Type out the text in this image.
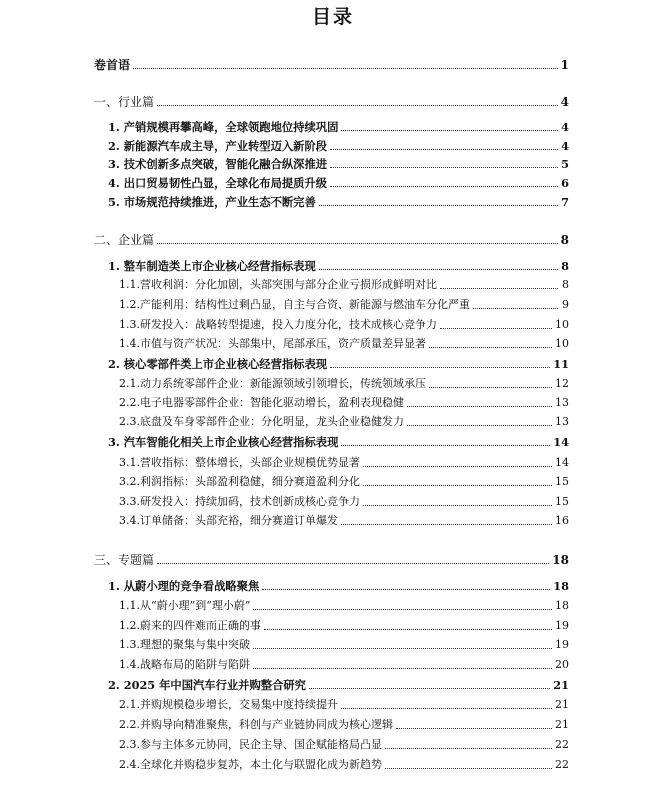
目录
卷首语	1
一、行业篇	4
1. 产销规模再攀高峰，全球领跑地位持续巩固	4
2. 新能源汽车成主导，产业转型迈入新阶段	4
3. 技术创新多点突破，智能化融合纵深推进	5
4. 出口贸易韧性凸显，全球化布局提质升级	6
5. 市场规范持续推进，产业生态不断完善	7
二、企业篇	8
1. 整车制造类上市企业核心经营指标表现	8
1.1.营收利润：分化加剧，头部突围与部分企业亏损形成鲜明对比	8
1.2.产能利用：结构性过剩凸显，自主与合资、新能源与燃油车分化严重	9
1.3.研发投入：战略转型提速，投入力度分化，技术成核心竞争力	10
1.4.市值与资产状况：头部集中，尾部承压，资产质量差异显著	10
2. 核心零部件类上市企业核心经营指标表现	11
2.1.动力系统零部件企业：新能源领域引领增长，传统领域承压	12
2.2.电子电器零部件企业：智能化驱动增长，盈利表现稳健	13
2.3.底盘及车身零部件企业：分化明显，龙头企业稳健发力	13
3. 汽车智能化相关上市企业核心经营指标表现	14
3.1.营收指标：整体增长，头部企业规模优势显著	14
3.2.利润指标：头部盈利稳健，细分赛道盈利分化	15
3.3.研发投入：持续加码，技术创新成核心竞争力	15
3.4.订单储备：头部充裕，细分赛道订单爆发	16
三、专题篇	18
1. 从蔚小理的竞争看战略聚焦	18
1.1.从“蔚小理”到“理小蔚”	18
1.2.蔚来的四件难而正确的事	19
1.3.理想的聚集与集中突破	19
1.4.战略布局的陷阱与陷阱	20
2. 2025 年中国汽车行业并购整合研究	21
2.1.并购规模稳步增长，交易集中度持续提升	21
2.2.并购导向精准聚焦，科创与产业链协同成为核心逻辑	21
2.3.参与主体多元协同，民企主导、国企赋能格局凸显	22
2.4.全球化并购稳步复苏，本土化与联盟化成为新趋势	22
